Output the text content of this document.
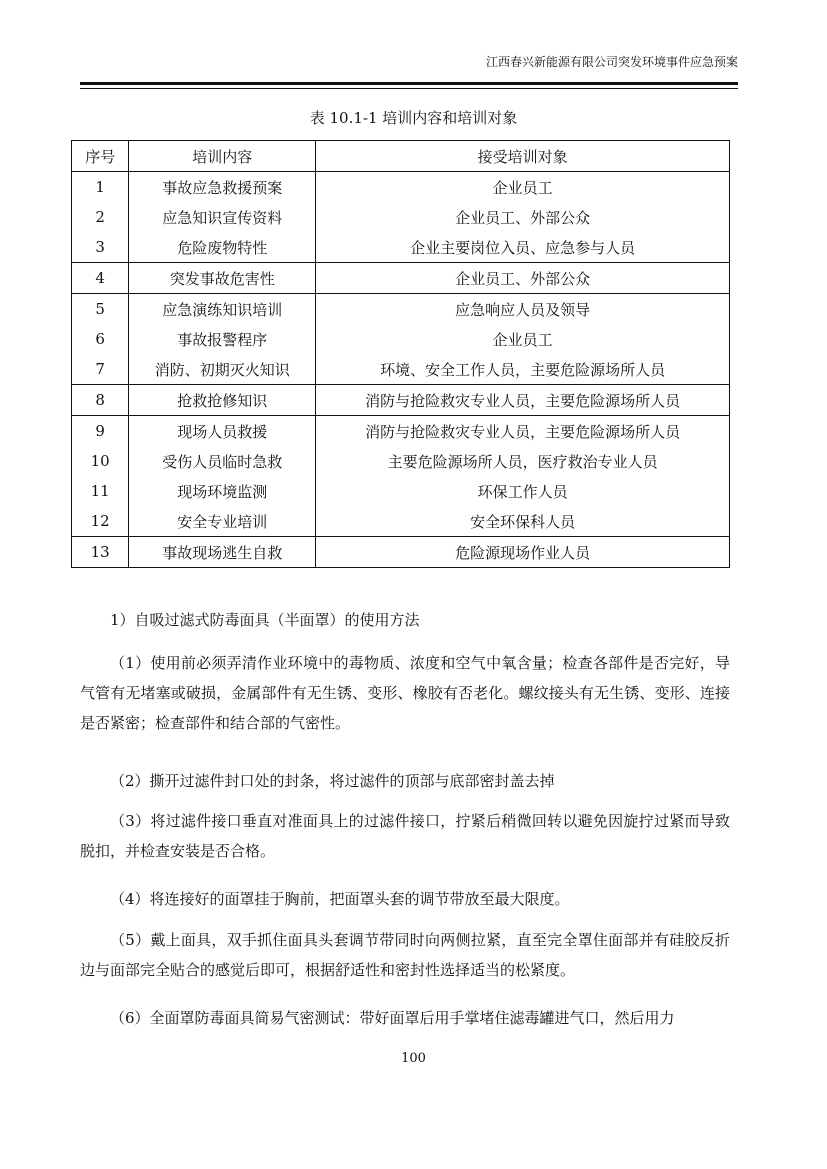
江西春兴新能源有限公司突发环境事件应急预案
表 10.1-1 培训内容和培训对象
序号	培训内容	接受培训对象
1	事故应急救援预案	企业员工
2	应急知识宣传资料	企业员工、外部公众
3	危险废物特性	企业主要岗位入员、应急参与人员
4	突发事故危害性	企业员工、外部公众
5	应急演练知识培训	应急响应人员及领导
6	事故报警程序	企业员工
7	消防、初期灭火知识	环境、安全工作人员，主要危险源场所人员
8	抢救抢修知识	消防与抢险救灾专业人员，主要危险源场所人员
9	现场人员救援	消防与抢险救灾专业人员，主要危险源场所人员
10	受伤人员临时急救	主要危险源场所人员，医疗救治专业人员
11	现场环境监测	环保工作人员
12	安全专业培训	安全环保科人员
13	事故现场逃生自救	危险源现场作业人员
1）自吸过滤式防毒面具（半面罩）的使用方法
（1）使用前必须弄清作业环境中的毒物质、浓度和空气中氧含量；检查各部件是否完好，导气管有无堵塞或破损，金属部件有无生锈、变形、橡胶有否老化。螺纹接头有无生锈、变形、连接是否紧密；检查部件和结合部的气密性。
（2）撕开过滤件封口处的封条，将过滤件的顶部与底部密封盖去掉
（3）将过滤件接口垂直对准面具上的过滤件接口，拧紧后稍微回转以避免因旋拧过紧而导致脱扣，并检查安装是否合格。
（4）将连接好的面罩挂于胸前，把面罩头套的调节带放至最大限度。
（5）戴上面具，双手抓住面具头套调节带同时向两侧拉紧，直至完全罩住面部并有硅胶反折边与面部完全贴合的感觉后即可，根据舒适性和密封性选择适当的松紧度。
（6）全面罩防毒面具简易气密测试：带好面罩后用手掌堵住滤毒罐进气口，然后用力
100
